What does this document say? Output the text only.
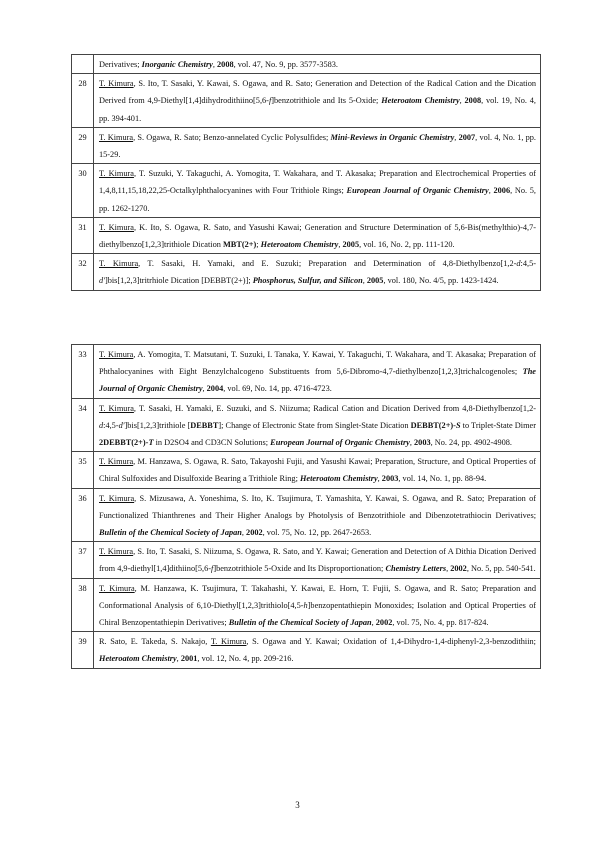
	Derivatives; Inorganic Chemistry, 2008, vol. 47, No. 9, pp. 3577-3583.
28	T. Kimura, S. Ito, T. Sasaki, Y. Kawai, S. Ogawa, and R. Sato; Generation and Detection of the Radical Cation and the Dication Derived from 4,9-Diethyl[1,4]dihydrodithiino[5,6-f]benzotrithiole and Its 5-Oxide; Heteroatom Chemistry, 2008, vol. 19, No. 4, pp. 394-401.
29	T. Kimura, S. Ogawa, R. Sato; Benzo-annelated Cyclic Polysulfides; Mini-Reviews in Organic Chemistry, 2007, vol. 4, No. 1, pp. 15-29.
30	T. Kimura, T. Suzuki, Y. Takaguchi, A. Yomogita, T. Wakahara, and T. Akasaka; Preparation and Electrochemical Properties of 1,4,8,11,15,18,22,25-Octalkylphthalocyanines with Four Trithiole Rings; European Journal of Organic Chemistry, 2006, No. 5, pp. 1262-1270.
31	T. Kimura, K. Ito, S. Ogawa, R. Sato, and Yasushi Kawai; Generation and Structure Determination of 5,6-Bis(methylthio)-4,7-diethylbenzo[1,2,3]trithiole Dication MBT(2+); Heteroatom Chemistry, 2005, vol. 16, No. 2, pp. 111-120.
32	T. Kimura, T. Sasaki, H. Yamaki, and E. Suzuki; Preparation and Determination of 4,8-Diethylbenzo[1,2-d:4,5-d']bis[1,2,3]tritrhiole Dication [DEBBT(2+)]; Phosphorus, Sulfur, and Silicon, 2005, vol. 180, No. 4/5, pp. 1423-1424.
33	T. Kimura, A. Yomogita, T. Matsutani, T. Suzuki, I. Tanaka, Y. Kawai, Y. Takaguchi, T. Wakahara, and T. Akasaka; Preparation of Phthalocyanines with Eight Benzylchalcogeno Substituents from 5,6-Dibromo-4,7-diethylbenzo[1,2,3]trichalcogenoles; The Journal of Organic Chemistry, 2004, vol. 69, No. 14, pp. 4716-4723.
34	T. Kimura, T. Sasaki, H. Yamaki, E. Suzuki, and S. Niizuma; Radical Cation and Dication Derived from 4,8-Diethylbenzo[1,2-d:4,5-d']bis[1,2,3]trithiole [DEBBT]; Change of Electronic State from Singlet-State Dication DEBBT(2+)-S to Triplet-State Dimer 2DEBBT(2+)-T in D2SO4 and CD3CN Solutions; European Journal of Organic Chemistry, 2003, No. 24, pp. 4902-4908.
35	T. Kimura, M. Hanzawa, S. Ogawa, R. Sato, Takayoshi Fujii, and Yasushi Kawai; Preparation, Structure, and Optical Properties of Chiral Sulfoxides and Disulfoxide Bearing a Trithiole Ring; Heteroatom Chemistry, 2003, vol. 14, No. 1, pp. 88-94.
36	T. Kimura, S. Mizusawa, A. Yoneshima, S. Ito, K. Tsujimura, T. Yamashita, Y. Kawai, S. Ogawa, and R. Sato; Preparation of Functionalized Thianthrenes and Their Higher Analogs by Photolysis of Benzotrithiole and Dibenzotetrathiocin Derivatives; Bulletin of the Chemical Society of Japan, 2002, vol. 75, No. 12, pp. 2647-2653.
37	T. Kimura, S. Ito, T. Sasaki, S. Niizuma, S. Ogawa, R. Sato, and Y. Kawai; Generation and Detection of A Dithia Dication Derived from 4,9-diethyl[1,4]dithiino[5,6-f]benzotrithiole 5-Oxide and Its Disproportionation; Chemistry Letters, 2002, No. 5, pp. 540-541.
38	T. Kimura, M. Hanzawa, K. Tsujimura, T. Takahashi, Y. Kawai, E. Horn, T. Fujii, S. Ogawa, and R. Sato; Preparation and Conformational Analysis of 6,10-Diethyl[1,2,3]trithiolo[4,5-h]benzopentathiepin Monoxides; Isolation and Optical Properties of Chiral Benzopentathiepin Derivatives; Bulletin of the Chemical Society of Japan, 2002, vol. 75, No. 4, pp. 817-824.
39	R. Sato, E. Takeda, S. Nakajo, T. Kimura, S. Ogawa and Y. Kawai; Oxidation of 1,4-Dihydro-1,4-diphenyl-2,3-benzodithiin; Heteroatom Chemistry, 2001, vol. 12, No. 4, pp. 209-216.
3
